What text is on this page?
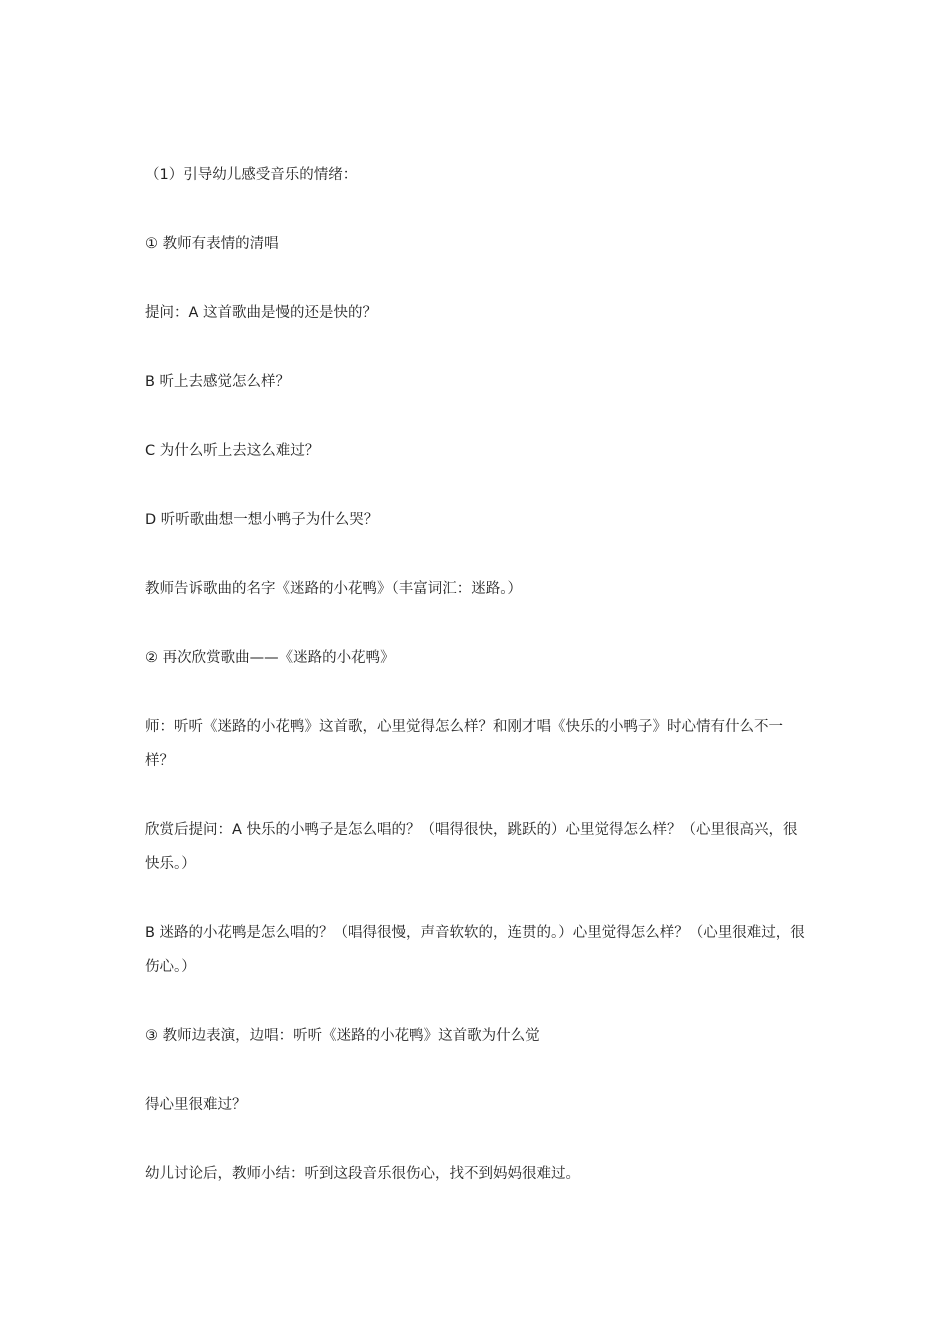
（1）引导幼儿感受音乐的情绪：

① 教师有表情的清唱

提问：A 这首歌曲是慢的还是快的？

B 听上去感觉怎么样？

C 为什么听上去这么难过？

D 听听歌曲想一想小鸭子为什么哭？

教师告诉歌曲的名字《迷路的小花鸭》（丰富词汇：迷路。）

② 再次欣赏歌曲——《迷路的小花鸭》

师：听听《迷路的小花鸭》这首歌，心里觉得怎么样？和刚才唱《快乐的小鸭子》时心情有什么不一样？

欣赏后提问：A 快乐的小鸭子是怎么唱的？（唱得很快，跳跃的）心里觉得怎么样？（心里很高兴，很快乐。）

B 迷路的小花鸭是怎么唱的？（唱得很慢，声音软软的，连贯的。）心里觉得怎么样？（心里很难过，很伤心。）

③ 教师边表演，边唱：听听《迷路的小花鸭》这首歌为什么觉

得心里很难过？

幼儿讨论后，教师小结：听到这段音乐很伤心，找不到妈妈很难过。
